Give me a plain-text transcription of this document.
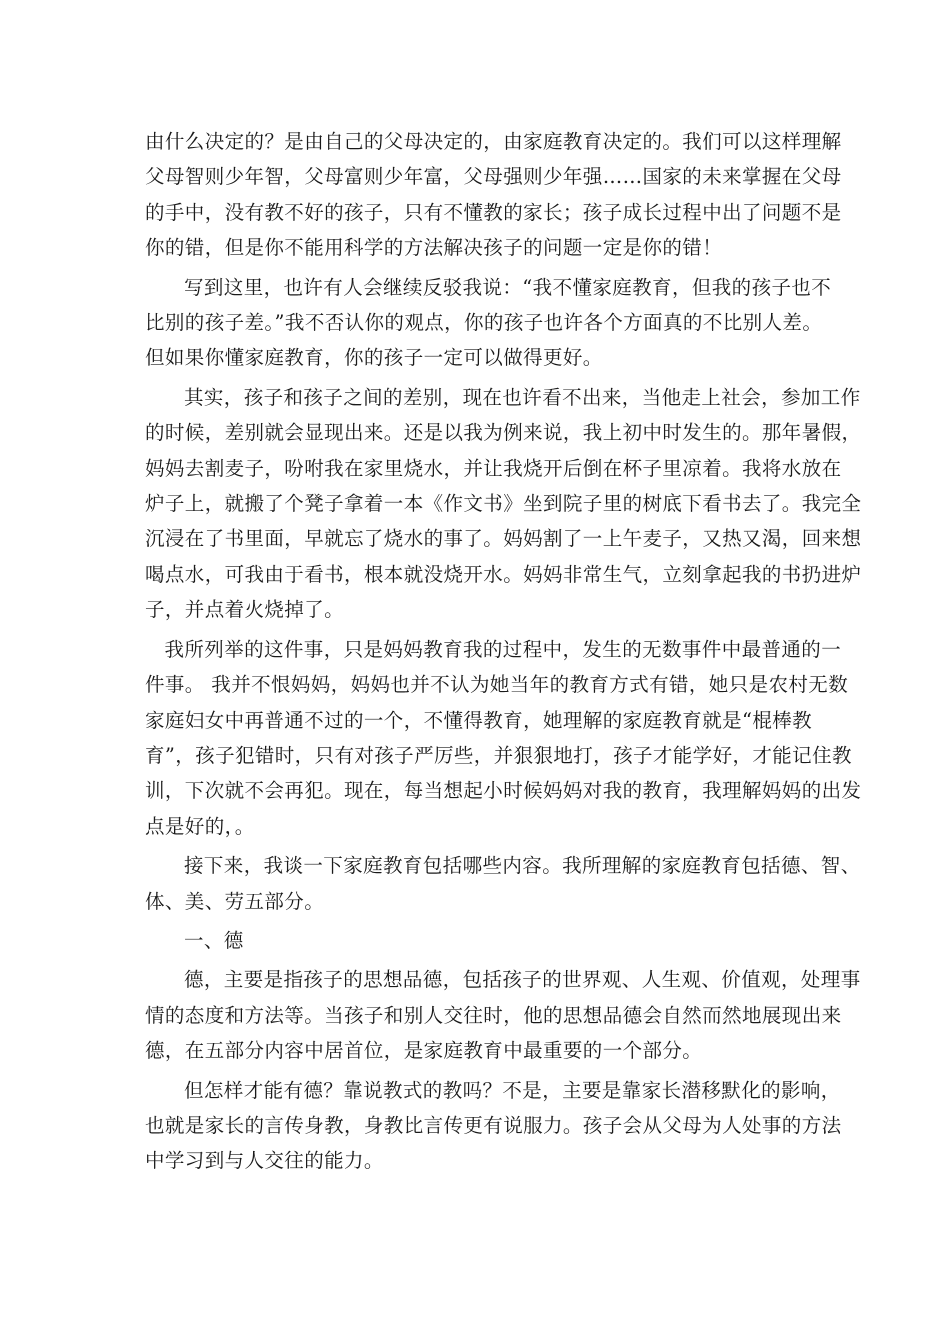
由什么决定的？是由自己的父母决定的，由家庭教育决定的。我们可以这样理解
父母智则少年智，父母富则少年富，父母强则少年强……国家的未来掌握在父母
的手中，没有教不好的孩子，只有不懂教的家长；孩子成长过程中出了问题不是
你的错，但是你不能用科学的方法解决孩子的问题一定是你的错！

写到这里，也许有人会继续反驳我说：“我不懂家庭教育，但我的孩子也不
比别的孩子差。”我不否认你的观点，你的孩子也许各个方面真的不比别人差。
但如果你懂家庭教育，你的孩子一定可以做得更好。

其实，孩子和孩子之间的差别，现在也许看不出来，当他走上社会，参加工作
的时候，差别就会显现出来。还是以我为例来说，我上初中时发生的。那年暑假，
妈妈去割麦子，吩咐我在家里烧水，并让我烧开后倒在杯子里凉着。我将水放在
炉子上，就搬了个凳子拿着一本《作文书》坐到院子里的树底下看书去了。我完全
沉浸在了书里面，早就忘了烧水的事了。妈妈割了一上午麦子，又热又渴，回来想
喝点水，可我由于看书，根本就没烧开水。妈妈非常生气，立刻拿起我的书扔进炉
子，并点着火烧掉了。

我所列举的这件事，只是妈妈教育我的过程中，发生的无数事件中最普通的一
件事。 我并不恨妈妈，妈妈也并不认为她当年的教育方式有错，她只是农村无数
家庭妇女中再普通不过的一个，不懂得教育，她理解的家庭教育就是“棍棒教
育”，孩子犯错时，只有对孩子严厉些，并狠狠地打，孩子才能学好，才能记住教
训，下次就不会再犯。现在，每当想起小时候妈妈对我的教育，我理解妈妈的出发
点是好的，。

接下来，我谈一下家庭教育包括哪些内容。我所理解的家庭教育包括德、智、
体、美、劳五部分。

一、德

德，主要是指孩子的思想品德，包括孩子的世界观、人生观、价值观，处理事
情的态度和方法等。当孩子和别人交往时，他的思想品德会自然而然地展现出来
德，在五部分内容中居首位，是家庭教育中最重要的一个部分。

但怎样才能有德？靠说教式的教吗？不是，主要是靠家长潜移默化的影响，
也就是家长的言传身教，身教比言传更有说服力。孩子会从父母为人处事的方法
中学习到与人交往的能力。
